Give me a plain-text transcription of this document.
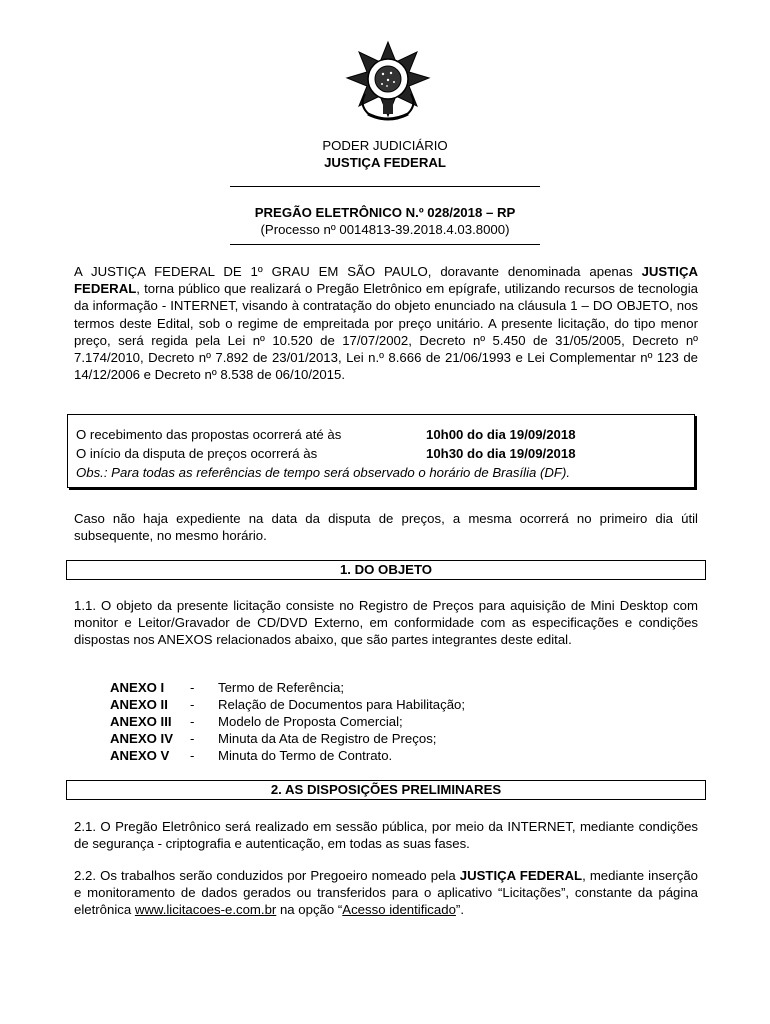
PODER JUDICIÁRIO
JUSTIÇA FEDERAL
PREGÃO ELETRÔNICO N.º 028/2018 – RP
(Processo nº 0014813-39.2018.4.03.8000)
A JUSTIÇA FEDERAL DE 1º GRAU EM SÃO PAULO, doravante denominada apenas JUSTIÇA FEDERAL, torna público que realizará o Pregão Eletrônico em epígrafe, utilizando recursos de tecnologia da informação - INTERNET, visando à contratação do objeto enunciado na cláusula 1 – DO OBJETO, nos termos deste Edital, sob o regime de empreitada por preço unitário. A presente licitação, do tipo menor preço, será regida pela Lei nº 10.520 de 17/07/2002, Decreto nº 5.450 de 31/05/2005, Decreto nº 7.174/2010, Decreto nº 7.892 de 23/01/2013, Lei n.º 8.666 de 21/06/1993 e Lei Complementar nº 123 de 14/12/2006 e Decreto nº 8.538 de 06/10/2015.
O recebimento das propostas ocorrerá até às	10h00 do dia 19/09/2018
O início da disputa de preços ocorrerá às	10h30 do dia 19/09/2018
Obs.: Para todas as referências de tempo será observado o horário de Brasília (DF).
Caso não haja expediente na data da disputa de preços, a mesma ocorrerá no primeiro dia útil subsequente, no mesmo horário.
1. DO OBJETO
1.1. O objeto da presente licitação consiste no Registro de Preços para aquisição de Mini Desktop com monitor e Leitor/Gravador de CD/DVD Externo, em conformidade com as especificações e condições dispostas nos ANEXOS relacionados abaixo, que são partes integrantes deste edital.
ANEXO I - Termo de Referência;
ANEXO II - Relação de Documentos para Habilitação;
ANEXO III - Modelo de Proposta Comercial;
ANEXO IV - Minuta da Ata de Registro de Preços;
ANEXO V - Minuta do Termo de Contrato.
2. AS DISPOSIÇÕES PRELIMINARES
2.1. O Pregão Eletrônico será realizado em sessão pública, por meio da INTERNET, mediante condições de segurança - criptografia e autenticação, em todas as suas fases.
2.2. Os trabalhos serão conduzidos por Pregoeiro nomeado pela JUSTIÇA FEDERAL, mediante inserção e monitoramento de dados gerados ou transferidos para o aplicativo “Licitações”, constante da página eletrônica www.licitacoes-e.com.br na opção “Acesso identificado”.
